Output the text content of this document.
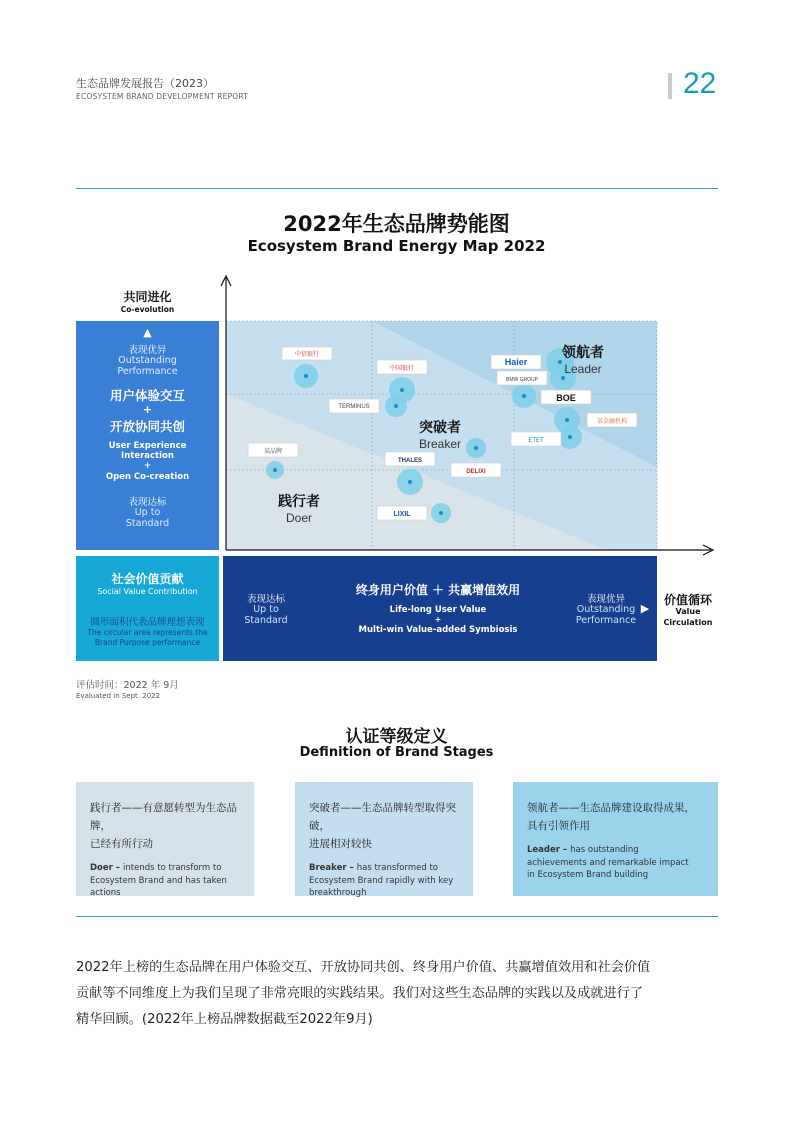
生态品牌发展报告（2023）
ECOSYSTEM BRAND DEVELOPMENT REPORT	22
2022年生态品牌势能图
Ecosystem Brand Energy Map 2022
共同进化
Co-evolution
▲
表现优异
Outstanding
Performance
用户体验交互
+
开放协同共创
User Experience
Interaction
+
Open Co-creation
表现达标
Up to
Standard
中信银行
中国银行
TERMINUS
Haier
BMW GROUP
BOE
某金融机构
ETET
THALES
DELIXI
某品牌
LIXIL
领航者
Leader
突破者
Breaker
践行者
Doer
社会价值贡献
Social Value Contribution
圆形面积代表品牌理想表现
The circular area represents the
Brand Purpose performance
表现达标
Up to
Standard
终身用户价值 ＋ 共赢增值效用
Life-long User Value
+
Multi-win Value-added Symbiosis
表现优异
Outstanding
Performance
▶
价值循环
Value
Circulation
评估时间：2022 年 9月
Evaluated in Sept. 2022
认证等级定义
Definition of Brand Stages
践行者——有意愿转型为生态品牌，
已经有所行动
Doer – intends to transform to
Ecosystem Brand and has taken
actions
突破者——生态品牌转型取得突破，
进展相对较快
Breaker – has transformed to
Ecosystem Brand rapidly with key
breakthrough
领航者——生态品牌建设取得成果，
具有引领作用
Leader – has outstanding
achievements and remarkable impact
in Ecosystem Brand building
2022年上榜的生态品牌在用户体验交互、开放协同共创、终身用户价值、共赢增值效用和社会价值
贡献等不同维度上为我们呈现了非常亮眼的实践结果。我们对这些生态品牌的实践以及成就进行了
精华回顾。(2022年上榜品牌数据截至2022年9月)
